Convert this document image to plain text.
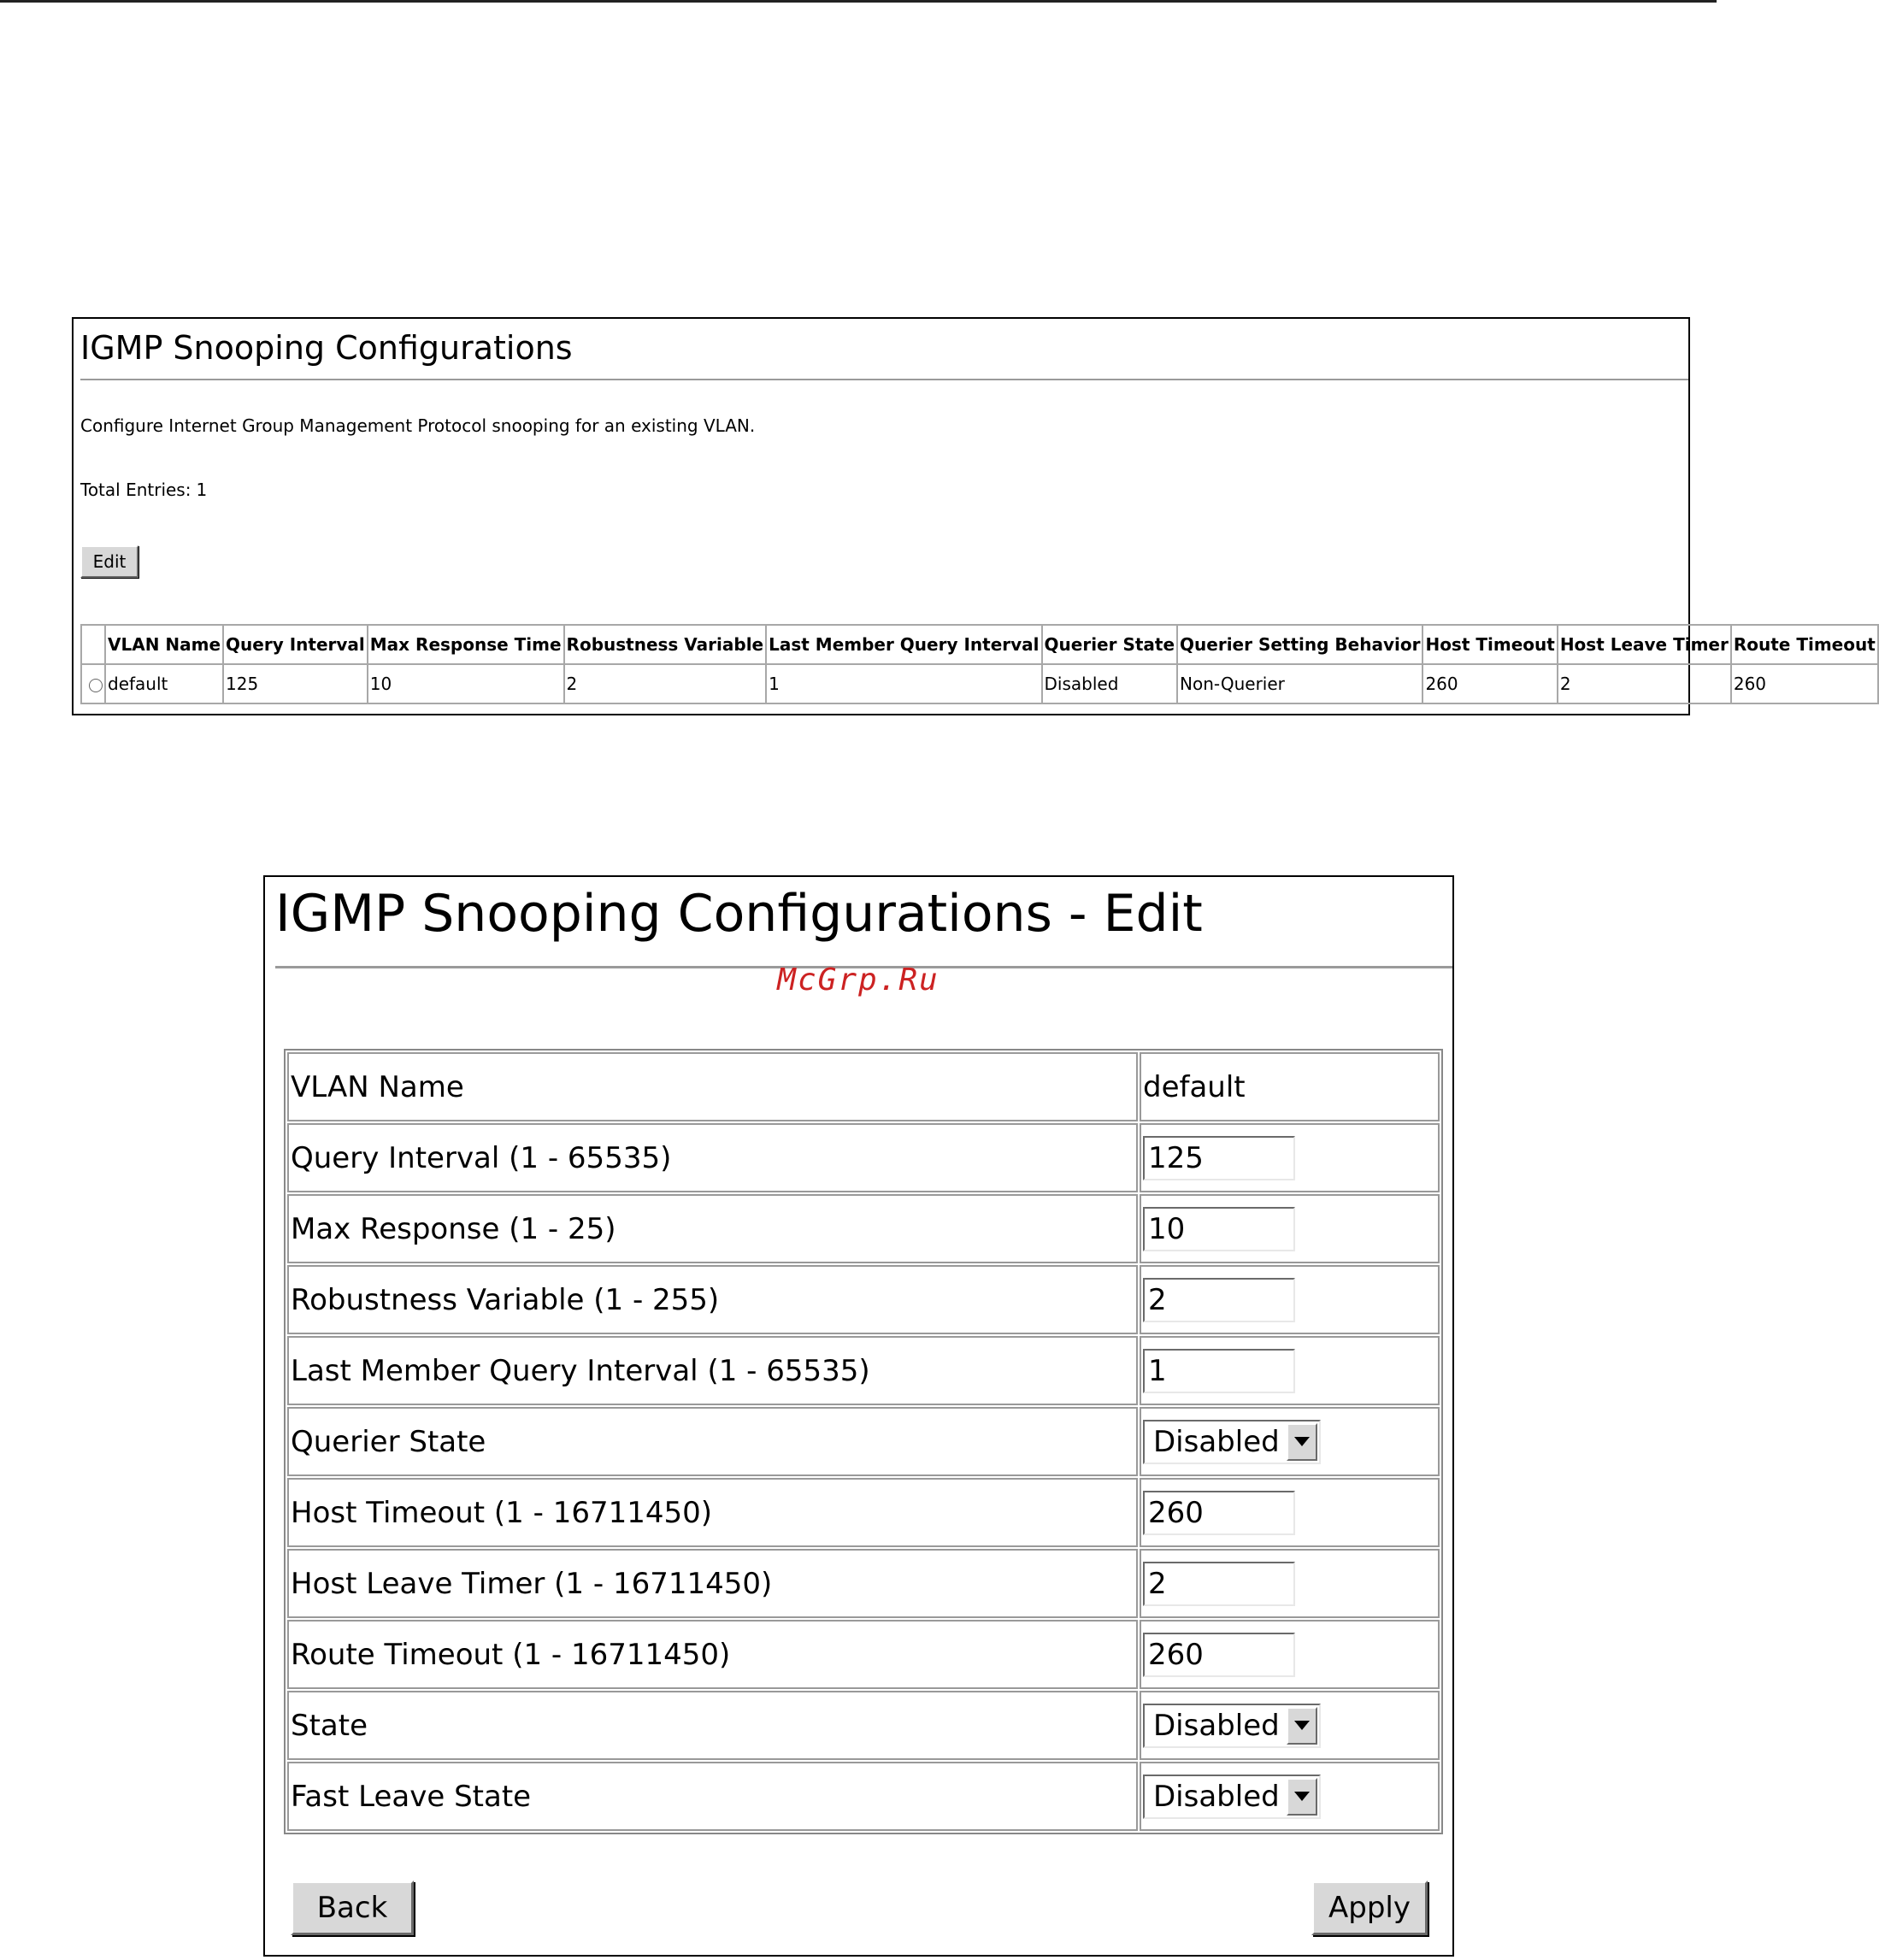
IGMP Snooping Configurations
Configure Internet Group Management Protocol snooping for an existing VLAN.
Total Entries: 1
Edit
	VLAN Name	Query Interval	Max Response Time	Robustness Variable	Last Member Query Interval	Querier State	Querier Setting Behavior	Host Timeout	Host Leave Timer	Route Timeout
	default	125	10	2	1	Disabled	Non-Querier	260	2	260
IGMP Snooping Configurations - Edit
VLAN Name	default
Query Interval (1 - 65535)	125
Max Response (1 - 25)	10
Robustness Variable (1 - 255)	2
Last Member Query Interval (1 - 65535)	1
Querier State	Disabled

Host Timeout (1 - 16711450)	260
Host Leave Timer (1 - 16711450)	2
Route Timeout (1 - 16711450)	260
State	Disabled

Fast Leave State	Disabled
Back	Apply
McGrp.Ru
